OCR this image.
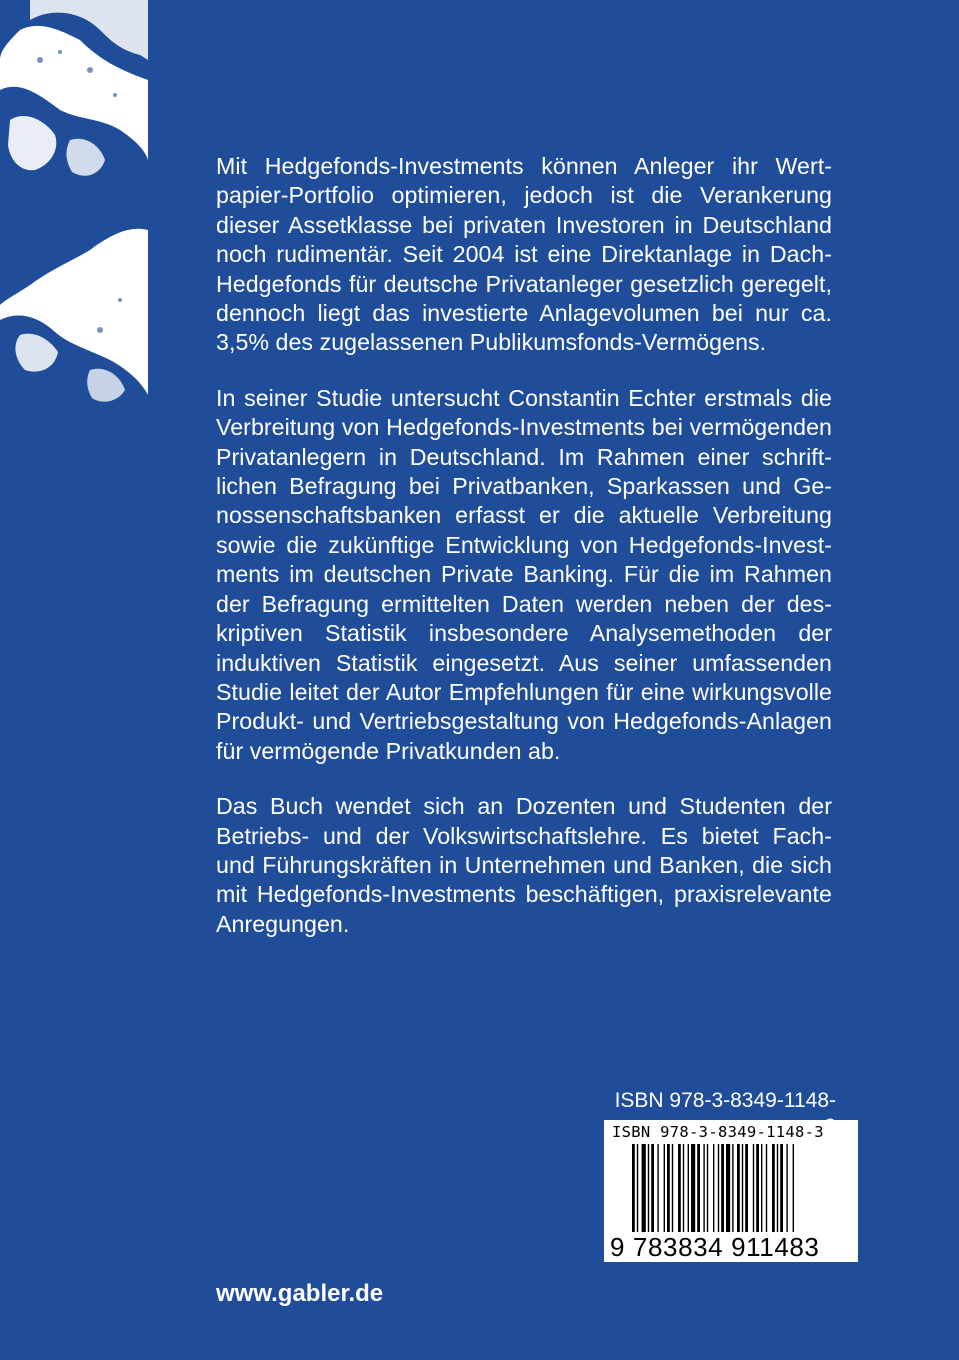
Mit Hedgefonds-Investments können Anleger ihr Wertpapier-Portfolio optimieren, jedoch ist die Verankerung dieser Assetklasse bei privaten Investoren in Deutschland noch rudimentär. Seit 2004 ist eine Direktanlage in Dach-Hedgefonds für deutsche Privatanleger gesetzlich geregelt, dennoch liegt das investierte Anlagevolumen bei nur ca. 3,5% des zugelassenen Publikumsfonds-Vermögens.

In seiner Studie untersucht Constantin Echter erstmals die Verbreitung von Hedgefonds-Investments bei vermögenden Privatanlegern in Deutschland. Im Rahmen einer schriftlichen Befragung bei Privatbanken, Sparkassen und Genossenschaftsbanken erfasst er die aktuelle Verbreitung sowie die zukünftige Entwicklung von Hedgefonds-Investments im deutschen Private Banking. Für die im Rahmen der Befragung ermittelten Daten werden neben der deskriptiven Statistik insbesondere Analysemethoden der induktiven Statistik eingesetzt. Aus seiner umfassenden Studie leitet der Autor Empfehlungen für eine wirkungsvolle Produkt- und Vertriebsgestaltung von Hedgefonds-Anlagen für vermögende Privatkunden ab.

Das Buch wendet sich an Dozenten und Studenten der Betriebs- und der Volkswirtschaftslehre. Es bietet Fach- und Führungskräften in Unternehmen und Banken, die sich mit Hedgefonds-Investments beschäftigen, praxisrelevante Anregungen.

ISBN 978-3-8349-1148-
ISBN 978-3-8349-1148-3
9 783834 911483
www.gabler.de
